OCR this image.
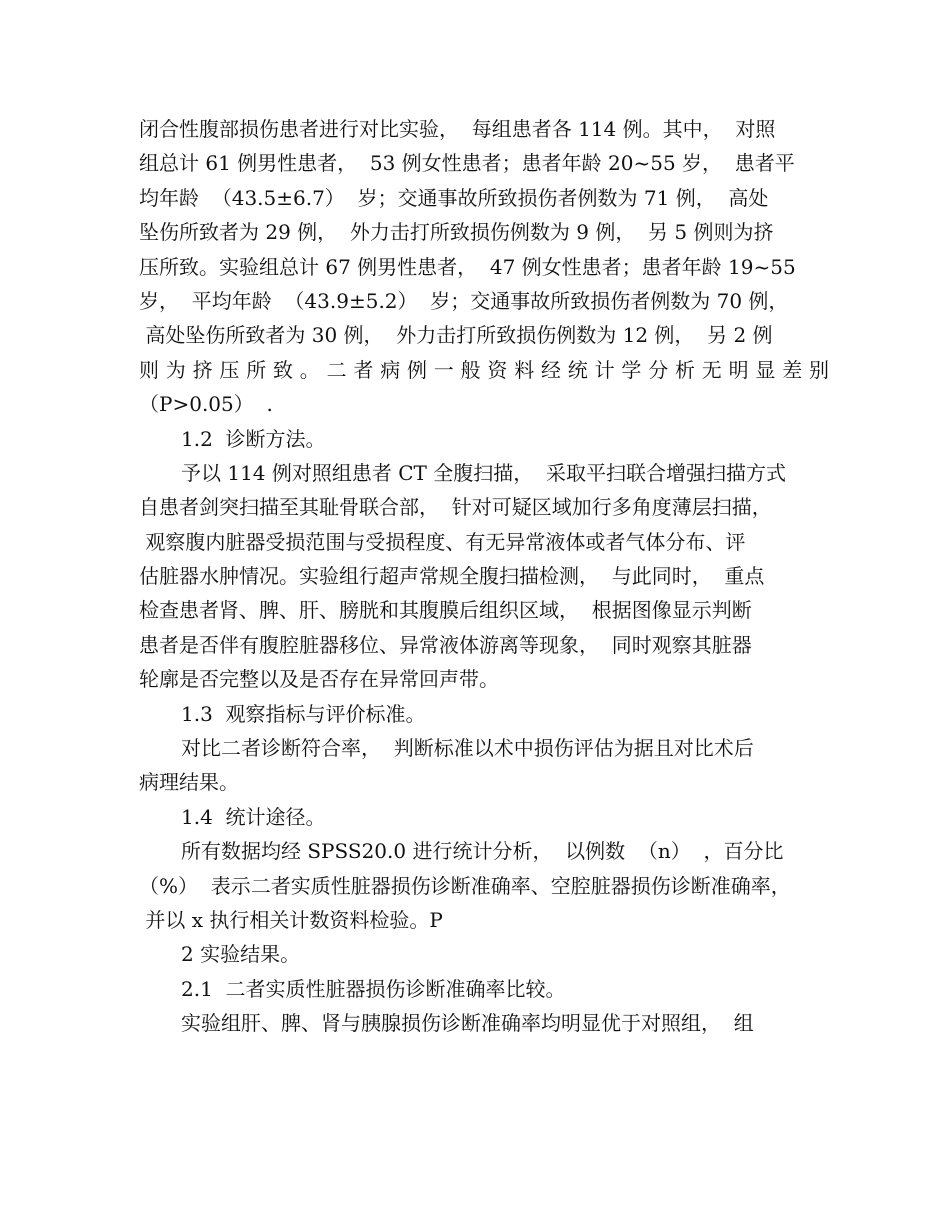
闭合性腹部损伤患者进行对比实验，  每组患者各 114 例。其中，  对照
组总计 61 例男性患者，  53 例女性患者；患者年龄 20~55 岁，  患者平
均年龄  （43.5±6.7）  岁；交通事故所致损伤者例数为 71 例，  高处
坠伤所致者为 29 例，  外力击打所致损伤例数为 9 例，  另 5 例则为挤
压所致。实验组总计 67 例男性患者，  47 例女性患者；患者年龄 19~55
岁，  平均年龄  （43.9±5.2）  岁；交通事故所致损伤者例数为 70 例，
高处坠伤所致者为 30 例，  外力击打所致损伤例数为 12 例，  另 2 例
则为挤压所致。二者病例一般资料经统计学分析无明显差别
（P>0.05）  .
1.2  诊断方法。
予以 114 例对照组患者 CT 全腹扫描，  采取平扫联合增强扫描方式
自患者剑突扫描至其耻骨联合部，  针对可疑区域加行多角度薄层扫描，
观察腹内脏器受损范围与受损程度、有无异常液体或者气体分布、评
估脏器水肿情况。实验组行超声常规全腹扫描检测，  与此同时，  重点
检查患者肾、脾、肝、膀胱和其腹膜后组织区域，  根据图像显示判断
患者是否伴有腹腔脏器移位、异常液体游离等现象，  同时观察其脏器
轮廓是否完整以及是否存在异常回声带。
1.3  观察指标与评价标准。
对比二者诊断符合率，  判断标准以术中损伤评估为据且对比术后
病理结果。
1.4  统计途径。
所有数据均经 SPSS20.0 进行统计分析，  以例数  （n）  ，百分比
（%）  表示二者实质性脏器损伤诊断准确率、空腔脏器损伤诊断准确率，
并以 x 执行相关计数资料检验。P
2 实验结果。
2.1  二者实质性脏器损伤诊断准确率比较。
实验组肝、脾、肾与胰腺损伤诊断准确率均明显优于对照组，  组
